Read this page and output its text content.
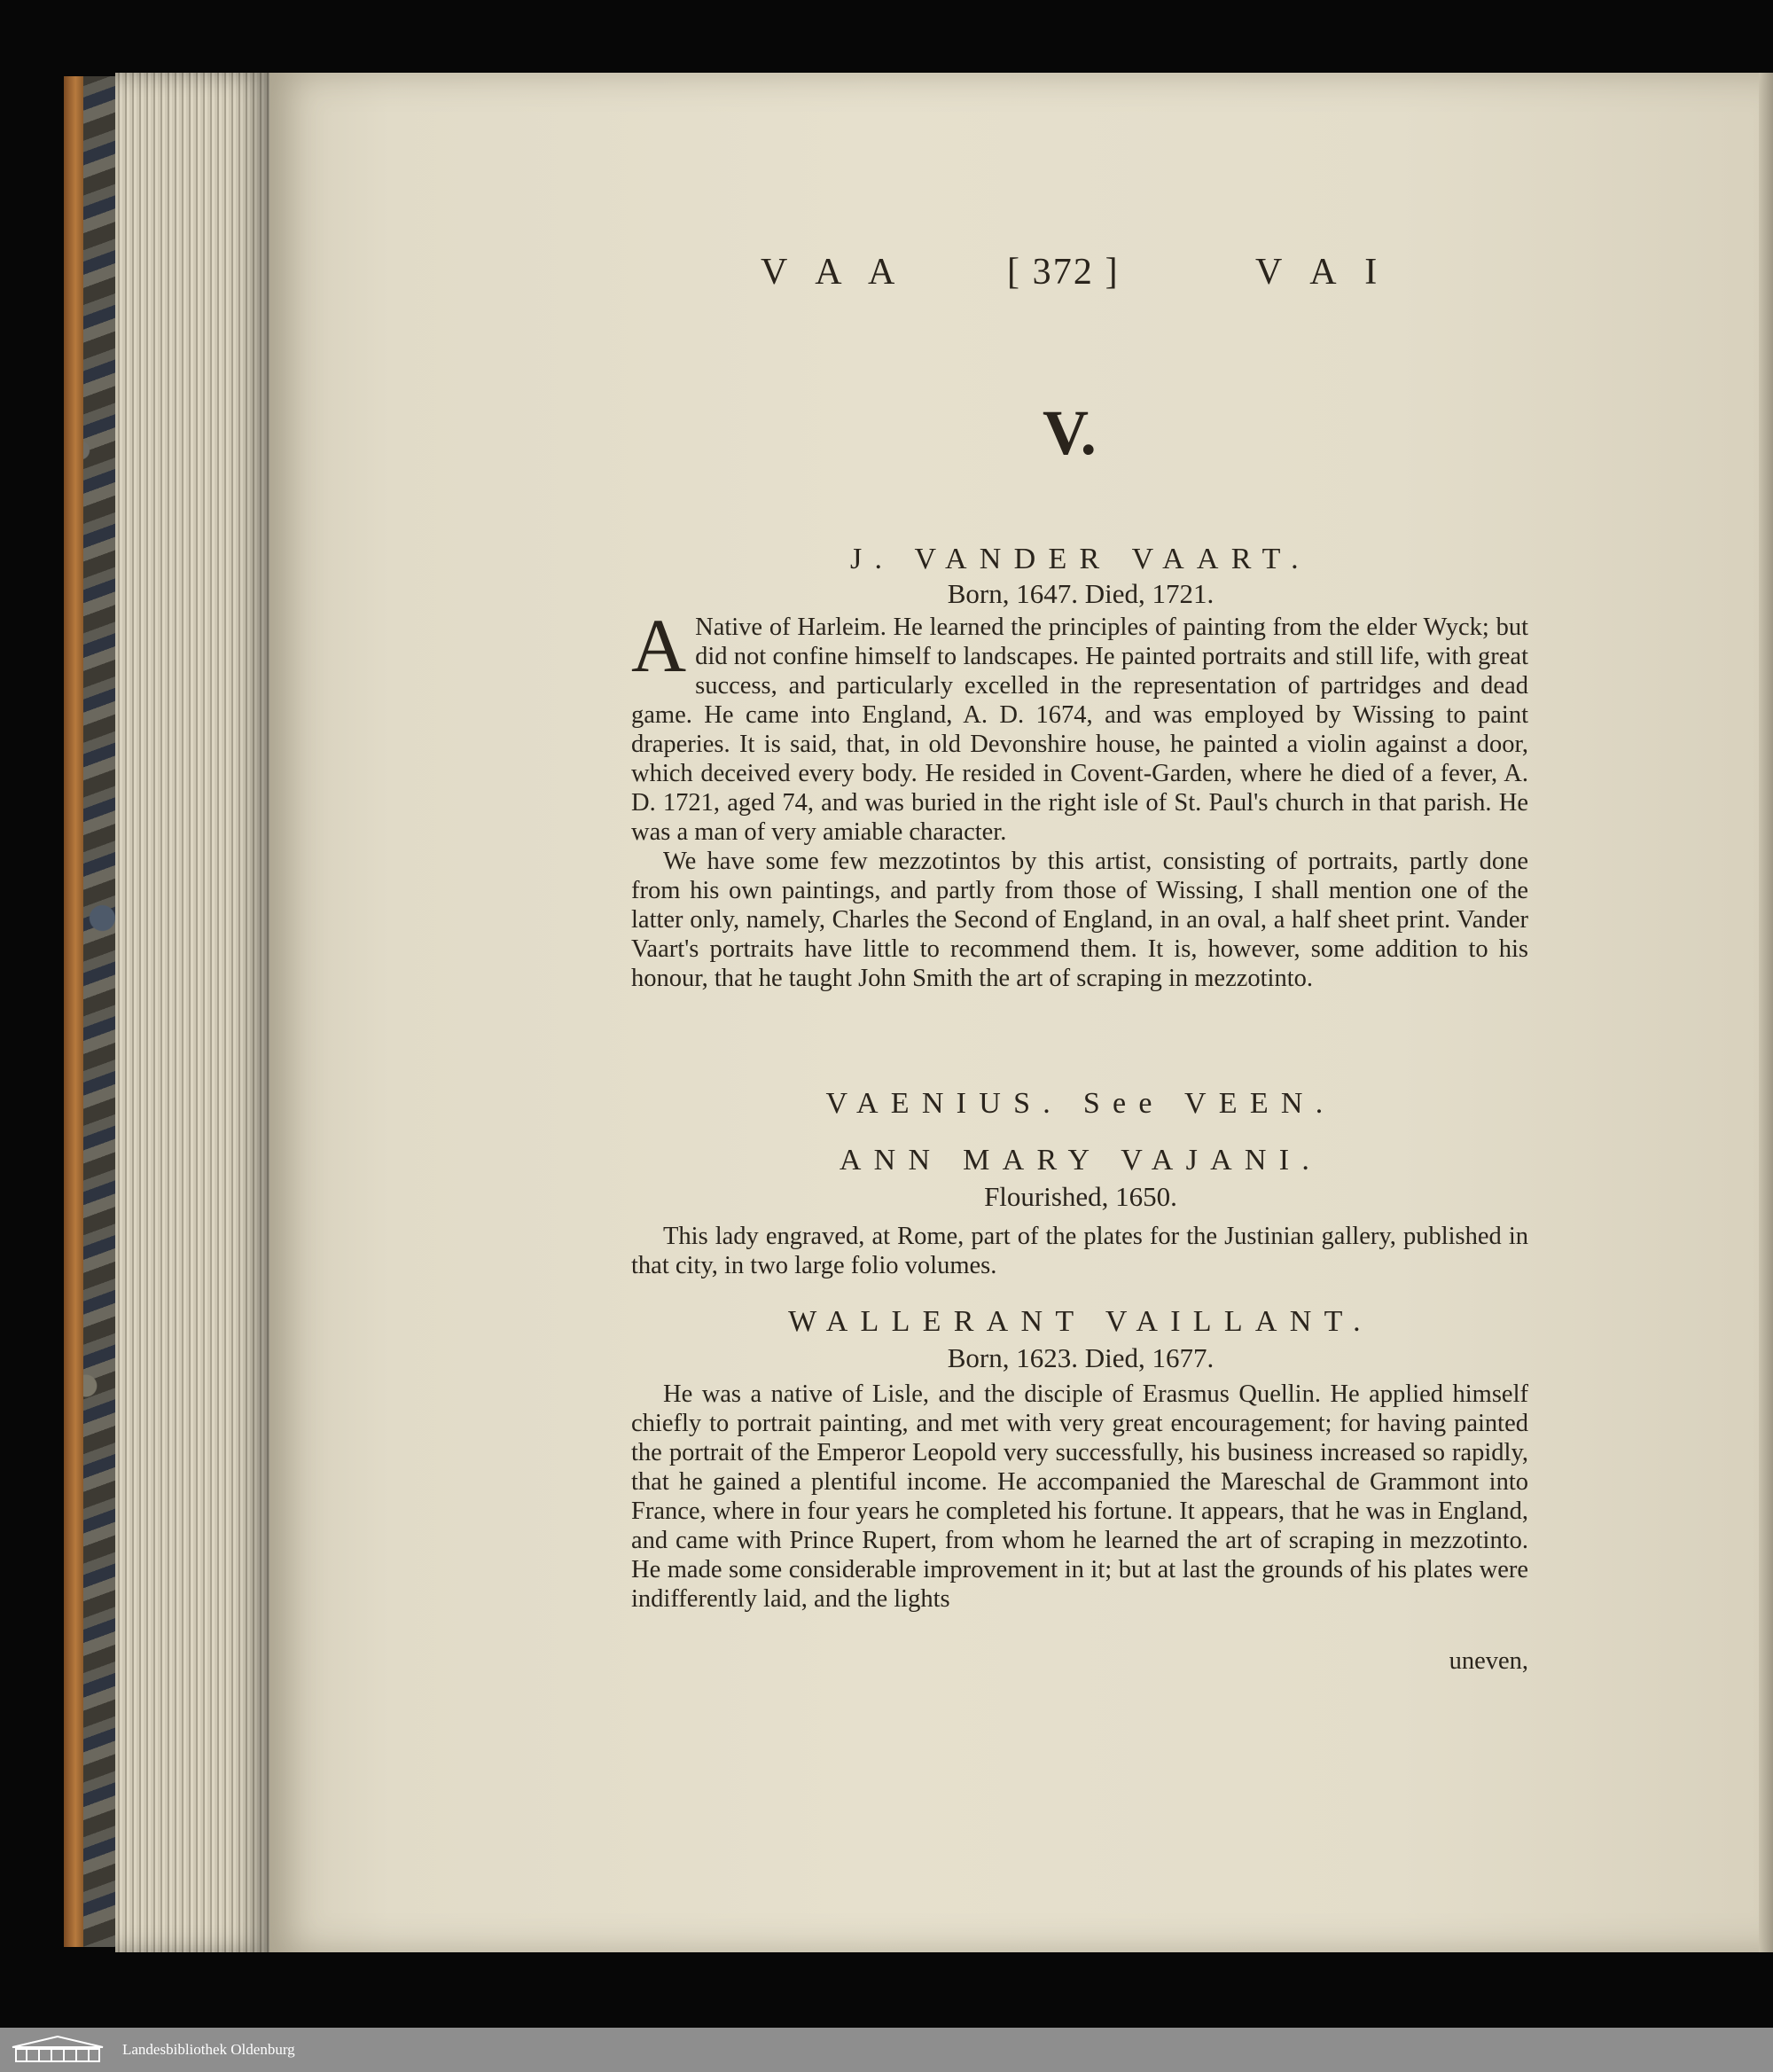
V A A	[ 372 ]	V A I
V.
J. VANDER VAART.
Born, 1647. Died, 1721.

A Native of Harleim. He learned the principles of painting from the elder Wyck; but did not confine himself to landscapes. He painted portraits and still life, with great success, and particularly excelled in the representation of partridges and dead game. He came into England, A. D. 1674, and was employed by Wissing to paint draperies. It is said, that, in old Devonshire house, he painted a violin against a door, which deceived every body. He resided in Covent-Garden, where he died of a fever, A. D. 1721, aged 74, and was buried in the right isle of St. Paul's church in that parish. He was a man of very amiable character.

We have some few mezzotintos by this artist, consisting of portraits, partly done from his own paintings, and partly from those of Wissing, I shall mention one of the latter only, namely, Charles the Second of England, in an oval, a half sheet print. Vander Vaart's portraits have little to recommend them. It is, however, some addition to his honour, that he taught John Smith the art of scraping in mezzotinto.

VAENIUS. See VEEN.
ANN MARY VAJANI.
Flourished, 1650.

This lady engraved, at Rome, part of the plates for the Justinian gallery, published in that city, in two large folio volumes.

WALLERANT VAILLANT.
Born, 1623. Died, 1677.

He was a native of Lisle, and the disciple of Erasmus Quellin. He applied himself chiefly to portrait painting, and met with very great encouragement; for having painted the portrait of the Emperor Leopold very successfully, his business increased so rapidly, that he gained a plentiful income. He accompanied the Mareschal de Grammont into France, where in four years he completed his fortune. It appears, that he was in England, and came with Prince Rupert, from whom he learned the art of scraping in mezzotinto. He made some considerable improvement in it; but at last the grounds of his plates were indifferently laid, and the lights

uneven,
Landesbibliothek Oldenburg
